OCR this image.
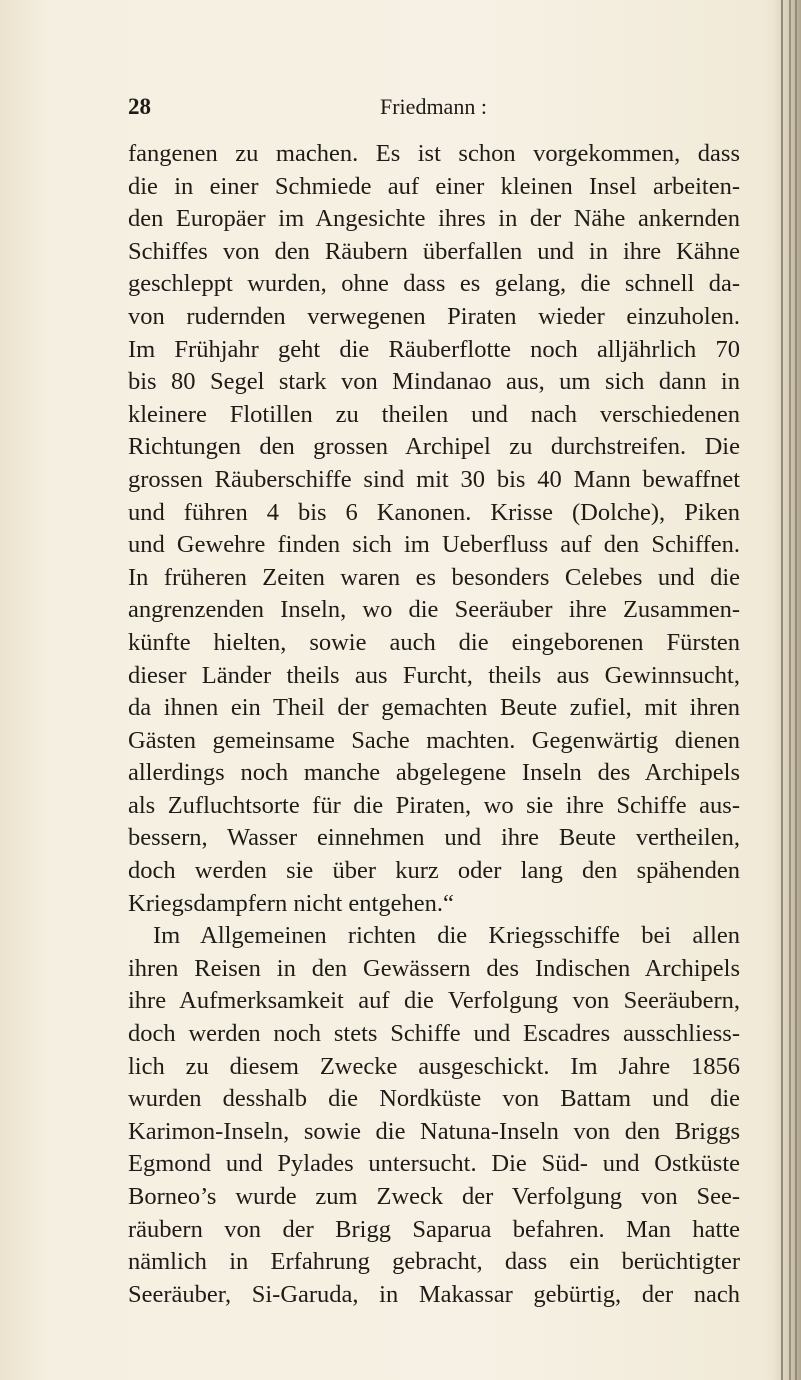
28	Friedmann :
fangenen zu machen. Es ist schon vorgekommen, dass
die in einer Schmiede auf einer kleinen Insel arbeiten-
den Europäer im Angesichte ihres in der Nähe ankernden
Schiffes von den Räubern überfallen und in ihre Kähne
geschleppt wurden, ohne dass es gelang, die schnell da-
von rudernden verwegenen Piraten wieder einzuholen.
Im Frühjahr geht die Räuberflotte noch alljährlich 70
bis 80 Segel stark von Mindanao aus, um sich dann in
kleinere Flotillen zu theilen und nach verschiedenen
Richtungen den grossen Archipel zu durchstreifen. Die
grossen Räuberschiffe sind mit 30 bis 40 Mann bewaffnet
und führen 4 bis 6 Kanonen. Krisse (Dolche), Piken
und Gewehre finden sich im Ueberfluss auf den Schiffen.
In früheren Zeiten waren es besonders Celebes und die
angrenzenden Inseln, wo die Seeräuber ihre Zusammen-
künfte hielten, sowie auch die eingeborenen Fürsten
dieser Länder theils aus Furcht, theils aus Gewinnsucht,
da ihnen ein Theil der gemachten Beute zufiel, mit ihren
Gästen gemeinsame Sache machten. Gegenwärtig dienen
allerdings noch manche abgelegene Inseln des Archipels
als Zufluchtsorte für die Piraten, wo sie ihre Schiffe aus-
bessern, Wasser einnehmen und ihre Beute vertheilen,
doch werden sie über kurz oder lang den spähenden
Kriegsdampfern nicht entgehen.“
Im Allgemeinen richten die Kriegsschiffe bei allen
ihren Reisen in den Gewässern des Indischen Archipels
ihre Aufmerksamkeit auf die Verfolgung von Seeräubern,
doch werden noch stets Schiffe und Escadres ausschliess-
lich zu diesem Zwecke ausgeschickt. Im Jahre 1856
wurden desshalb die Nordküste von Battam und die
Karimon-Inseln, sowie die Natuna-Inseln von den Briggs
Egmond und Pylades untersucht. Die Süd- und Ostküste
Borneo’s wurde zum Zweck der Verfolgung von See-
räubern von der Brigg Saparua befahren. Man hatte
nämlich in Erfahrung gebracht, dass ein berüchtigter
Seeräuber, Si-Garuda, in Makassar gebürtig, der nach
